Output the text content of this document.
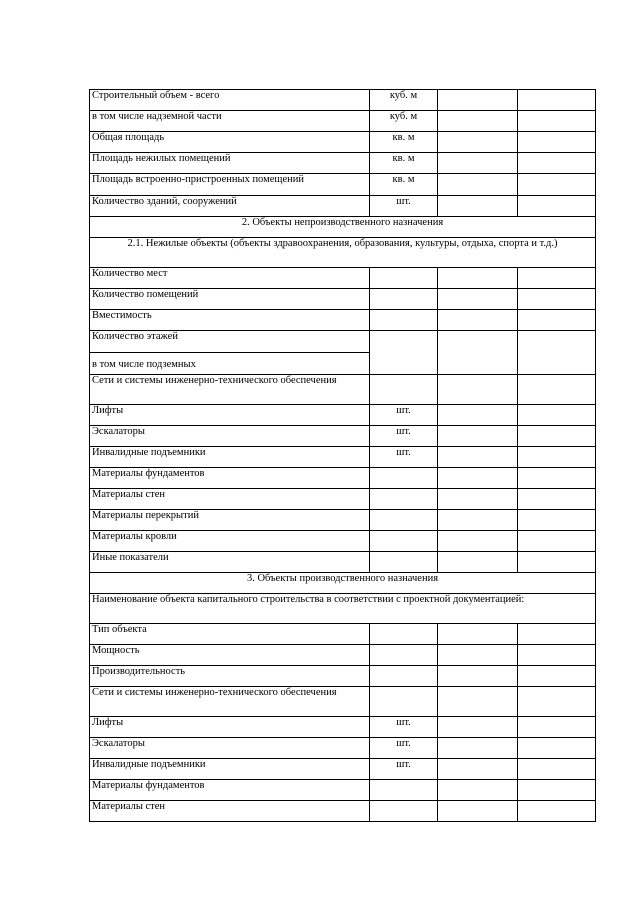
Строительный объем - всего	куб. м		
в том числе надземной части	куб. м		
Общая площадь	кв. м		
Площадь нежилых помещений	кв. м		
Площадь встроенно-пристроенных помещений	кв. м		
Количество зданий, сооружений	шт.		
2. Объекты непроизводственного назначения			
2.1. Нежилые объекты (объекты здравоохранения, образования, культуры, отдыха, спорта и т.д.)			
Количество мест			
Количество помещений			
Вместимость			

Количество этажей
в том числе подземных			

Сети и системы инженерно-технического обеспечения			
Лифты	шт.		
Эскалаторы	шт.		
Инвалидные подъемники	шт.		
Материалы фундаментов			
Материалы стен			
Материалы перекрытий			
Материалы кровли			
Иные показатели			
3. Объекты производственного назначения			
Наименование объекта капитального строительства в соответствии с проектной документацией:			
Тип объекта			
Мощность			
Производительность			
Сети и системы инженерно-технического обеспечения			
Лифты	шт.		
Эскалаторы	шт.		
Инвалидные подъемники	шт.		
Материалы фундаментов			
Материалы стен			
